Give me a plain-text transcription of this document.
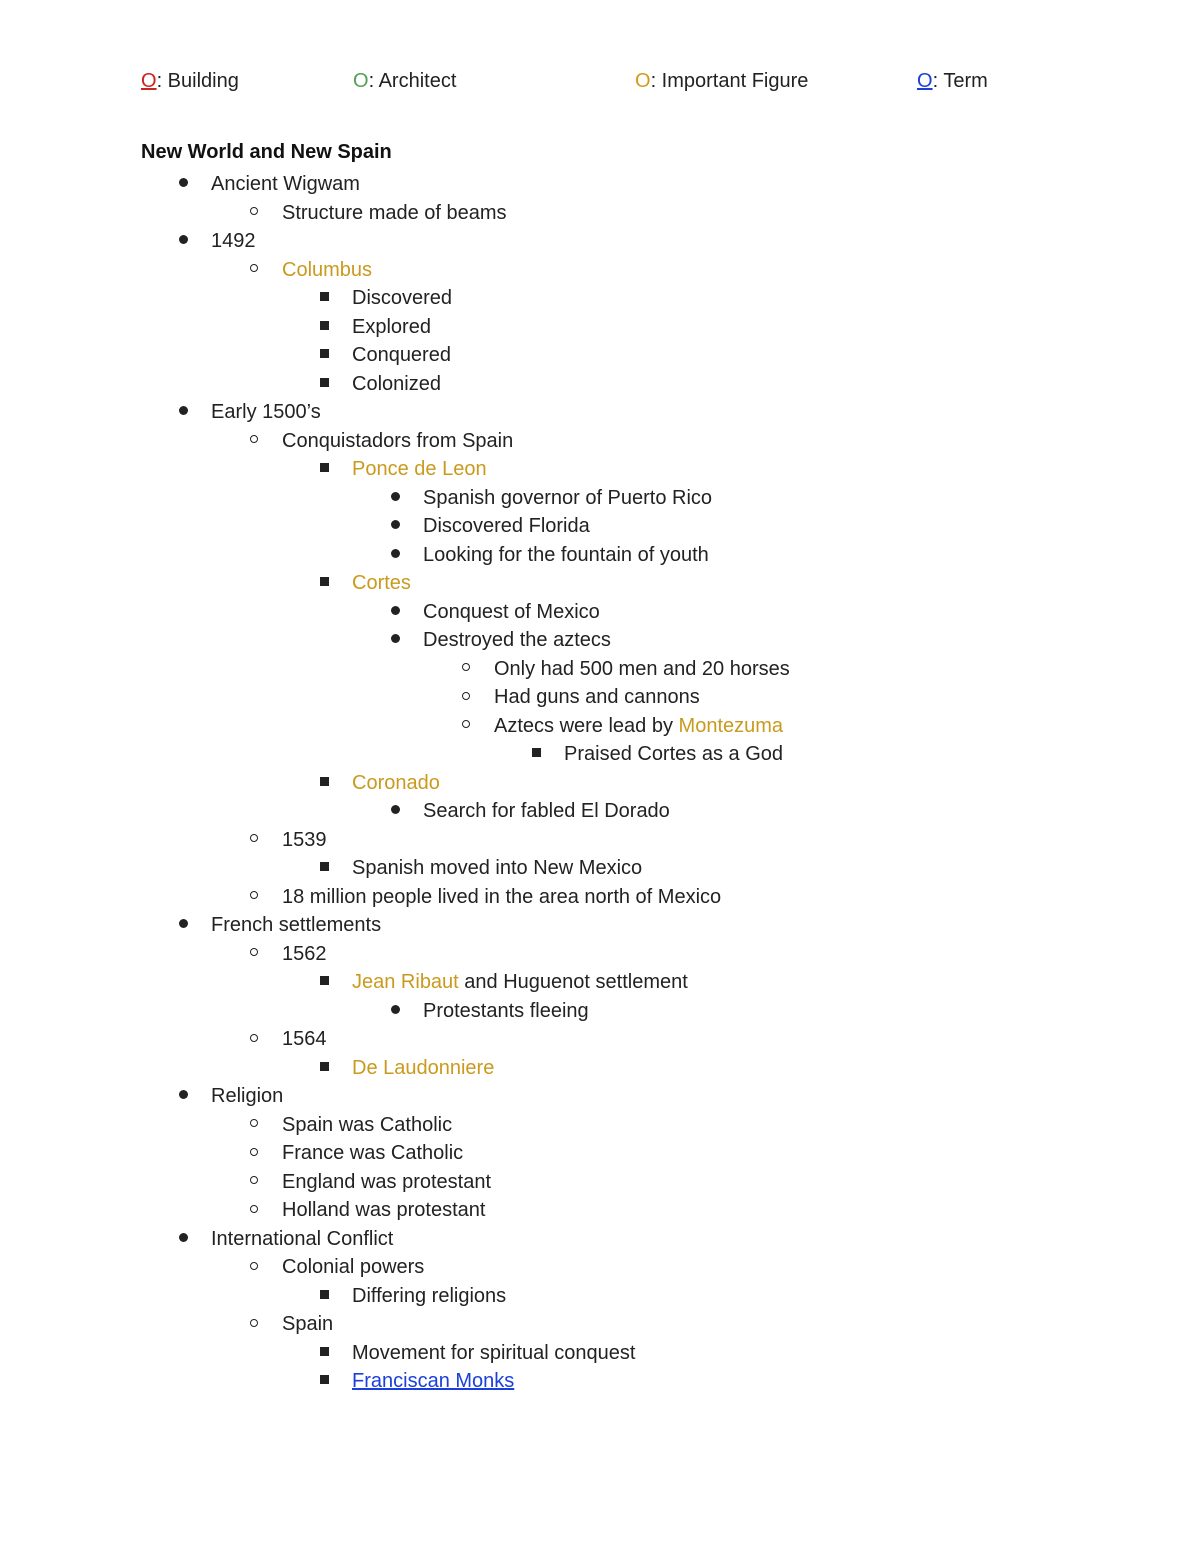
O: Building	O: Architect	O: Important Figure	O: Term
New World and New Spain
Ancient Wigwam
Structure made of beams
1492
Columbus
Discovered
Explored
Conquered
Colonized
Early 1500’s
Conquistadors from Spain
Ponce de Leon
Spanish governor of Puerto Rico
Discovered Florida
Looking for the fountain of youth
Cortes
Conquest of Mexico
Destroyed the aztecs
Only had 500 men and 20 horses
Had guns and cannons
Aztecs were lead by Montezuma
Praised Cortes as a God
Coronado
Search for fabled El Dorado
1539
Spanish moved into New Mexico
18 million people lived in the area north of Mexico
French settlements
1562
Jean Ribaut and Huguenot settlement
Protestants fleeing
1564
De Laudonniere
Religion
Spain was Catholic
France was Catholic
England was protestant
Holland was protestant
International Conflict
Colonial powers
Differing religions
Spain
Movement for spiritual conquest
Franciscan Monks
